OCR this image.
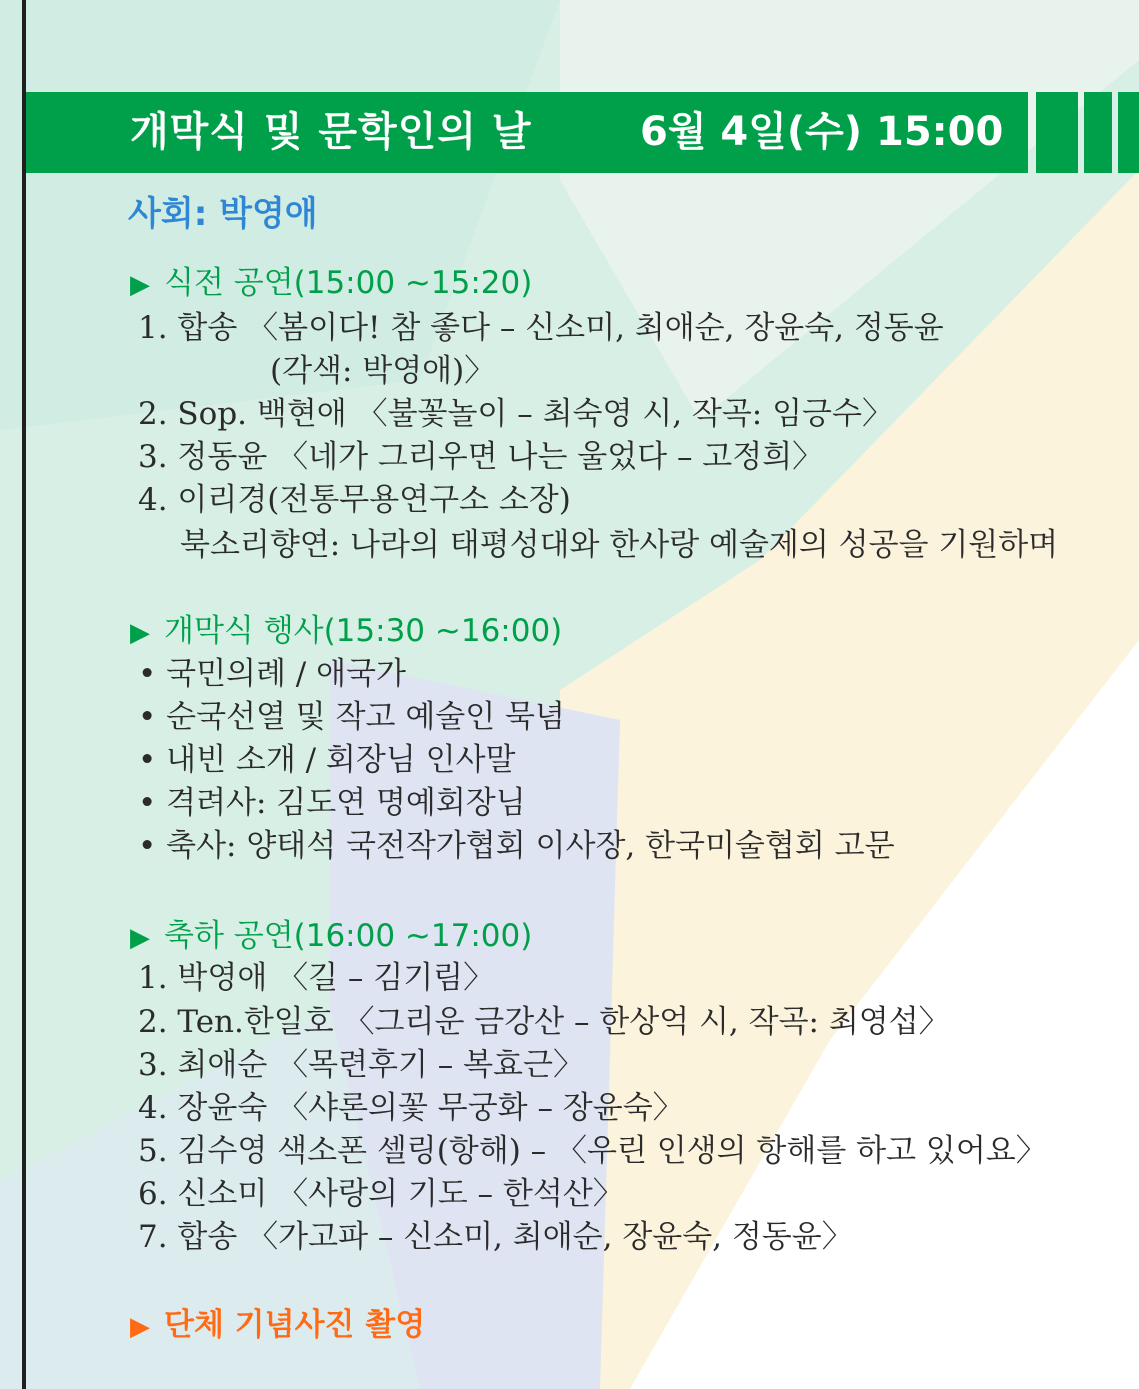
개막식 및 문학인의 날	6월 4일(수) 15:00
사회: 박영애
▶ 식전 공연(15:00 ~15:20)
1. 합송 〈봄이다! 참 좋다 – 신소미, 최애순, 장윤숙, 정동윤
(각색: 박영애)〉
2. Sop. 백현애 〈불꽃놀이 – 최숙영 시, 작곡: 임긍수〉
3. 정동윤 〈네가 그리우면 나는 울었다 – 고정희〉
4. 이리경(전통무용연구소 소장)
북소리향연: 나라의 태평성대와 한사랑 예술제의 성공을 기원하며
▶ 개막식 행사(15:30 ~16:00)
• 국민의례 / 애국가
• 순국선열 및 작고 예술인 묵념
• 내빈 소개 / 회장님 인사말
• 격려사: 김도연 명예회장님
• 축사: 양태석 국전작가협회 이사장, 한국미술협회 고문
▶ 축하 공연(16:00 ~17:00)
1. 박영애 〈길 – 김기림〉
2. Ten.한일호 〈그리운 금강산 – 한상억 시, 작곡: 최영섭〉
3. 최애순 〈목련후기 – 복효근〉
4. 장윤숙 〈샤론의꽃 무궁화 – 장윤숙〉
5. 김수영 색소폰 셀링(항해) – 〈우린 인생의 항해를 하고 있어요〉
6. 신소미 〈사랑의 기도 – 한석산〉
7. 합송 〈가고파 – 신소미, 최애순, 장윤숙, 정동윤〉
▶ 단체 기념사진 촬영
